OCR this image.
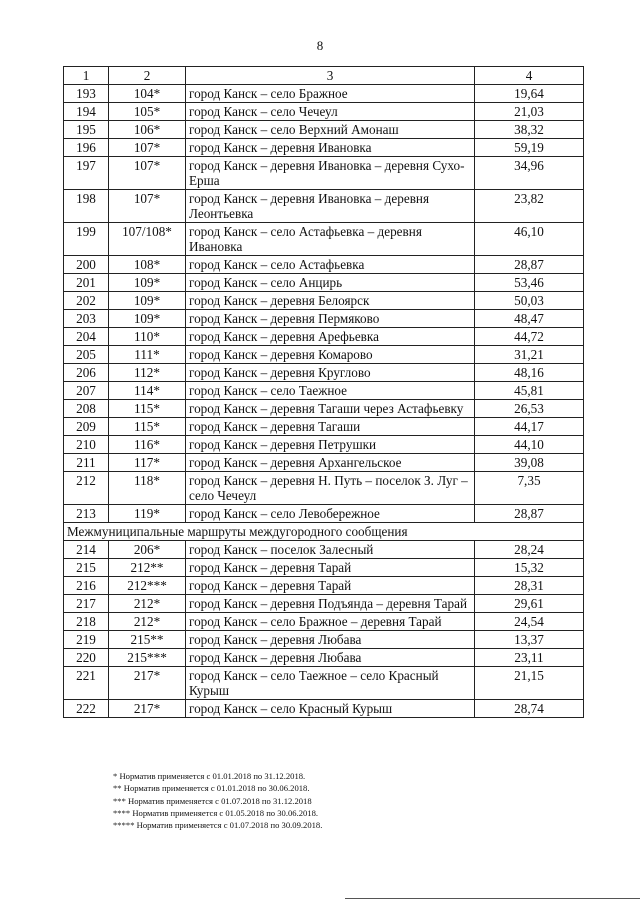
8
1	2	3	4
193	104*	город Канск – село Бражное	19,64
194	105*	город Канск – село Чечеул	21,03
195	106*	город Канск – село Верхний Амонаш	38,32
196	107*	город Канск – деревня Ивановка	59,19
197	107*	город Канск – деревня Ивановка – деревня Сухо-Ерша	34,96
198	107*	город Канск – деревня Ивановка – деревня Леонтьевка	23,82
199	107/108*	город Канск – село Астафьевка – деревня Ивановка	46,10
200	108*	город Канск – село Астафьевка	28,87
201	109*	город Канск – село Анцирь	53,46
202	109*	город Канск – деревня Белоярск	50,03
203	109*	город Канск – деревня Пермяково	48,47
204	110*	город Канск – деревня Арефьевка	44,72
205	111*	город Канск – деревня Комарово	31,21
206	112*	город Канск – деревня Круглово	48,16
207	114*	город Канск – село Таежное	45,81
208	115*	город Канск – деревня Тагаши через Астафьевку	26,53
209	115*	город Канск – деревня Тагаши	44,17
210	116*	город Канск – деревня Петрушки	44,10
211	117*	город Канск – деревня Архангельское	39,08
212	118*	город Канск – деревня Н. Путь – поселок З. Луг – село Чечеул	7,35
213	119*	город Канск – село Левобережное	28,87
Межмуниципальные маршруты междугородного сообщения			
214	206*	город Канск – поселок Залесный	28,24
215	212**	город Канск – деревня Тарай	15,32
216	212***	город Канск – деревня Тарай	28,31
217	212*	город Канск – деревня Подъянда – деревня Тарай	29,61
218	212*	город Канск – село Бражное – деревня Тарай	24,54
219	215**	город Канск – деревня Любава	13,37
220	215***	город Канск – деревня Любава	23,11
221	217*	город Канск – село Таежное – село Красный Курыш	21,15
222	217*	город Канск – село Красный Курыш	28,74
* Норматив применяется с 01.01.2018 по 31.12.2018.
** Норматив применяется с 01.01.2018 по 30.06.2018.
*** Норматив применяется с 01.07.2018 по 31.12.2018
**** Норматив применяется с 01.05.2018 по 30.06.2018.
***** Норматив применяется с 01.07.2018 по 30.09.2018.
